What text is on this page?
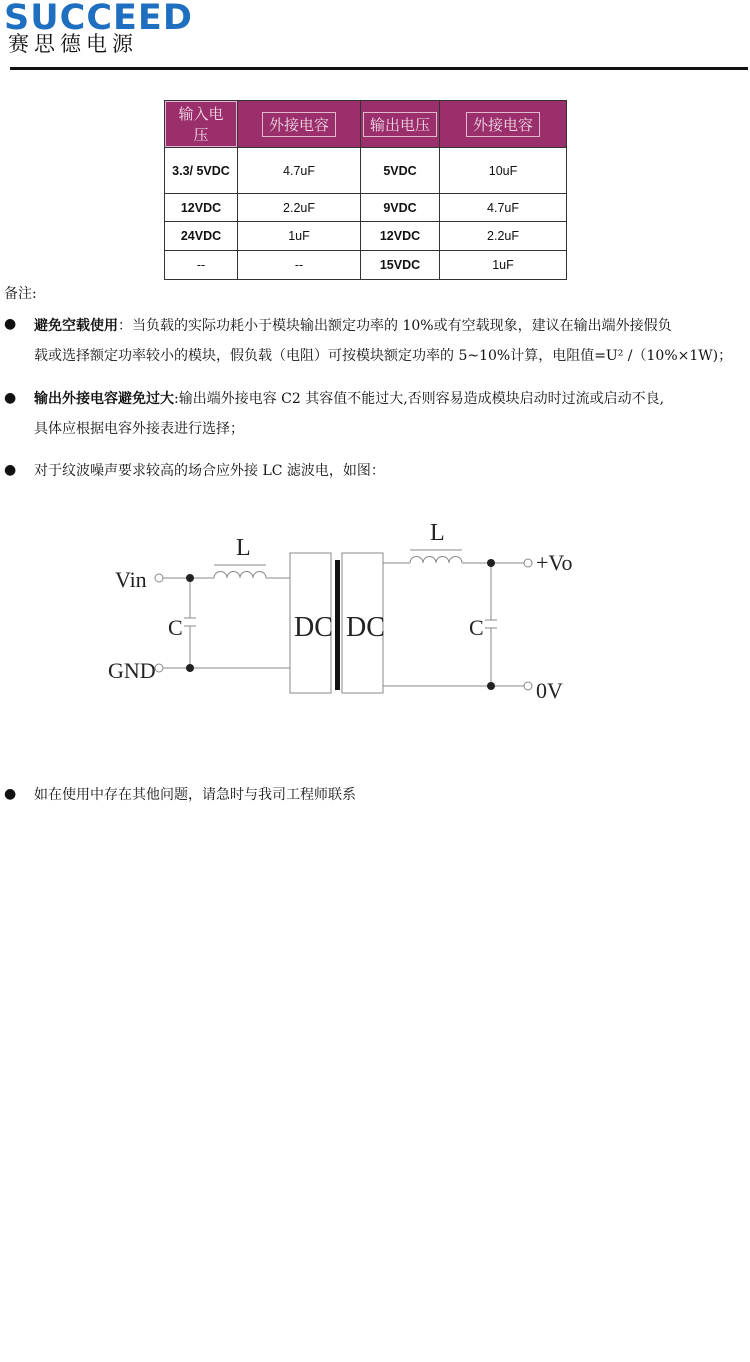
SUCCEED
赛思德电源
输入电压	外接电容	输出电压	外接电容
3.3/ 5VDC	4.7uF	5VDC	10uF
12VDC	2.2uF	9VDC	4.7uF
24VDC	1uF	12VDC	2.2uF
--	--	15VDC	1uF
备注:
● 避免空载使用：当负载的实际功耗小于模块输出额定功率的 10%或有空载现象，建议在输出端外接假负
载或选择额定功率较小的模块，假负载（电阻）可按模块额定功率的 5~10%计算，电阻值=U² /（10%×1W)；
● 输出外接电容避免过大:输出端外接电容 C2 其容值不能过大,否则容易造成模块启动时过流或启动不良,
具体应根据电容外接表进行选择；
● 对于纹波噪声要求较高的场合应外接 LC 滤波电，如图：
Vin
GND
L
L
C	C
DC DC
+Vo
0V
● 如在使用中存在其他问题，请急时与我司工程师联系
